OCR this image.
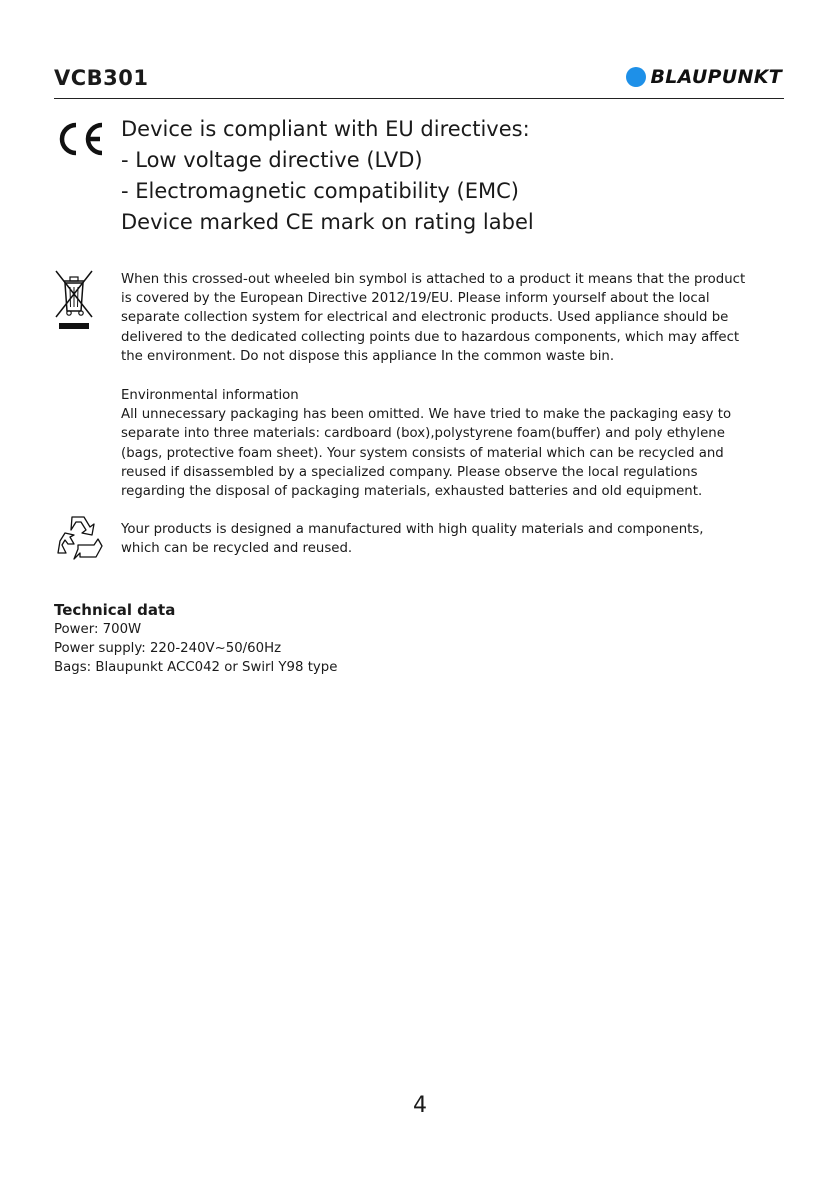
VCB301	BLAUPUNKT
Device is compliant with EU directives:
- Low voltage directive (LVD)
- Electromagnetic compatibility (EMC)
Device marked CE mark on rating label
When this crossed-out wheeled bin symbol is attached to a product it means that the product
is covered by the European Directive 2012/19/EU. Please inform yourself about the local
separate collection system for electrical and electronic products. Used appliance should be
delivered to the dedicated collecting points due to hazardous components, which may affect
the environment. Do not dispose this appliance In the common waste bin.
Environmental information
All unnecessary packaging has been omitted. We have tried to make the packaging easy to
separate into three materials: cardboard (box),polystyrene foam(buffer) and poly ethylene
(bags, protective foam sheet). Your system consists of material which can be recycled and
reused if disassembled by a specialized company. Please observe the local regulations
regarding the disposal of packaging materials, exhausted batteries and old equipment.
Your products is designed a manufactured with high quality materials and components,
which can be recycled and reused.
Technical data
Power: 700W
Power supply: 220-240V~50/60Hz
Bags: Blaupunkt ACC042 or Swirl Y98 type
4
